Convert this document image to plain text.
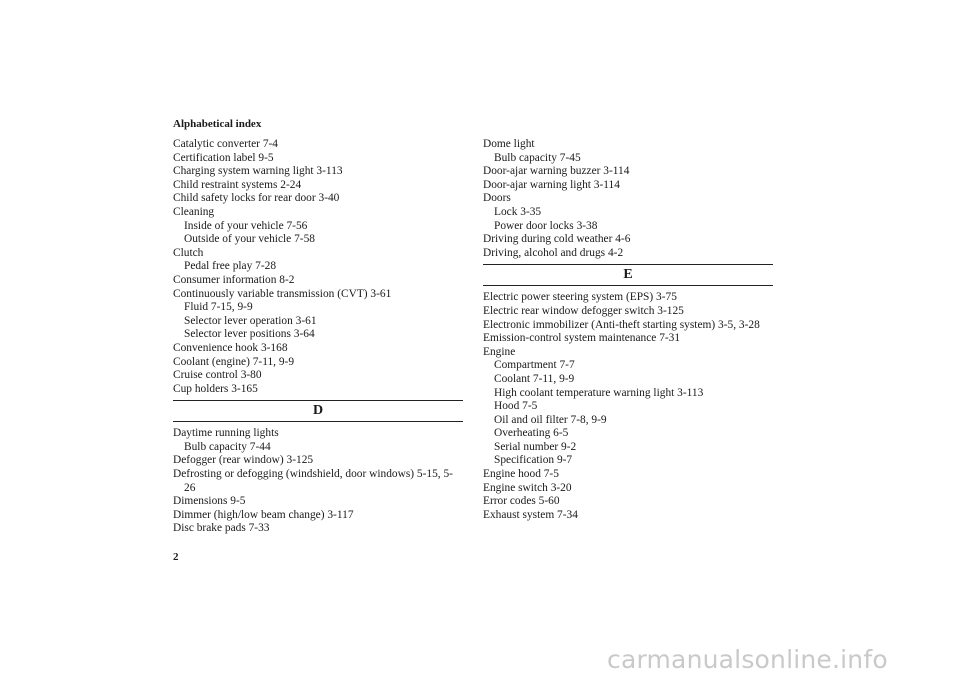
Alphabetical index
Catalytic converter 7-4
Certification label 9-5
Charging system warning light 3-113
Child restraint systems 2-24
Child safety locks for rear door 3-40
Cleaning
Inside of your vehicle 7-56
Outside of your vehicle 7-58
Clutch
Pedal free play 7-28
Consumer information 8-2
Continuously variable transmission (CVT) 3-61
Fluid 7-15, 9-9
Selector lever operation 3-61
Selector lever positions 3-64
Convenience hook 3-168
Coolant (engine) 7-11, 9-9
Cruise control 3-80
Cup holders 3-165
D
Daytime running lights
Bulb capacity 7-44
Defogger (rear window) 3-125
Defrosting or defogging (windshield, door windows) 5-15, 5-
26
Dimensions 9-5
Dimmer (high/low beam change) 3-117
Disc brake pads 7-33
Dome light
Bulb capacity 7-45
Door-ajar warning buzzer 3-114
Door-ajar warning light 3-114
Doors
Lock 3-35
Power door locks 3-38
Driving during cold weather 4-6
Driving, alcohol and drugs 4-2
E
Electric power steering system (EPS) 3-75
Electric rear window defogger switch 3-125
Electronic immobilizer (Anti-theft starting system) 3-5, 3-28
Emission-control system maintenance 7-31
Engine
Compartment 7-7
Coolant 7-11, 9-9
High coolant temperature warning light 3-113
Hood 7-5
Oil and oil filter 7-8, 9-9
Overheating 6-5
Serial number 9-2
Specification 9-7
Engine hood 7-5
Engine switch 3-20
Error codes 5-60
Exhaust system 7-34
2
carmanualsonline.info
